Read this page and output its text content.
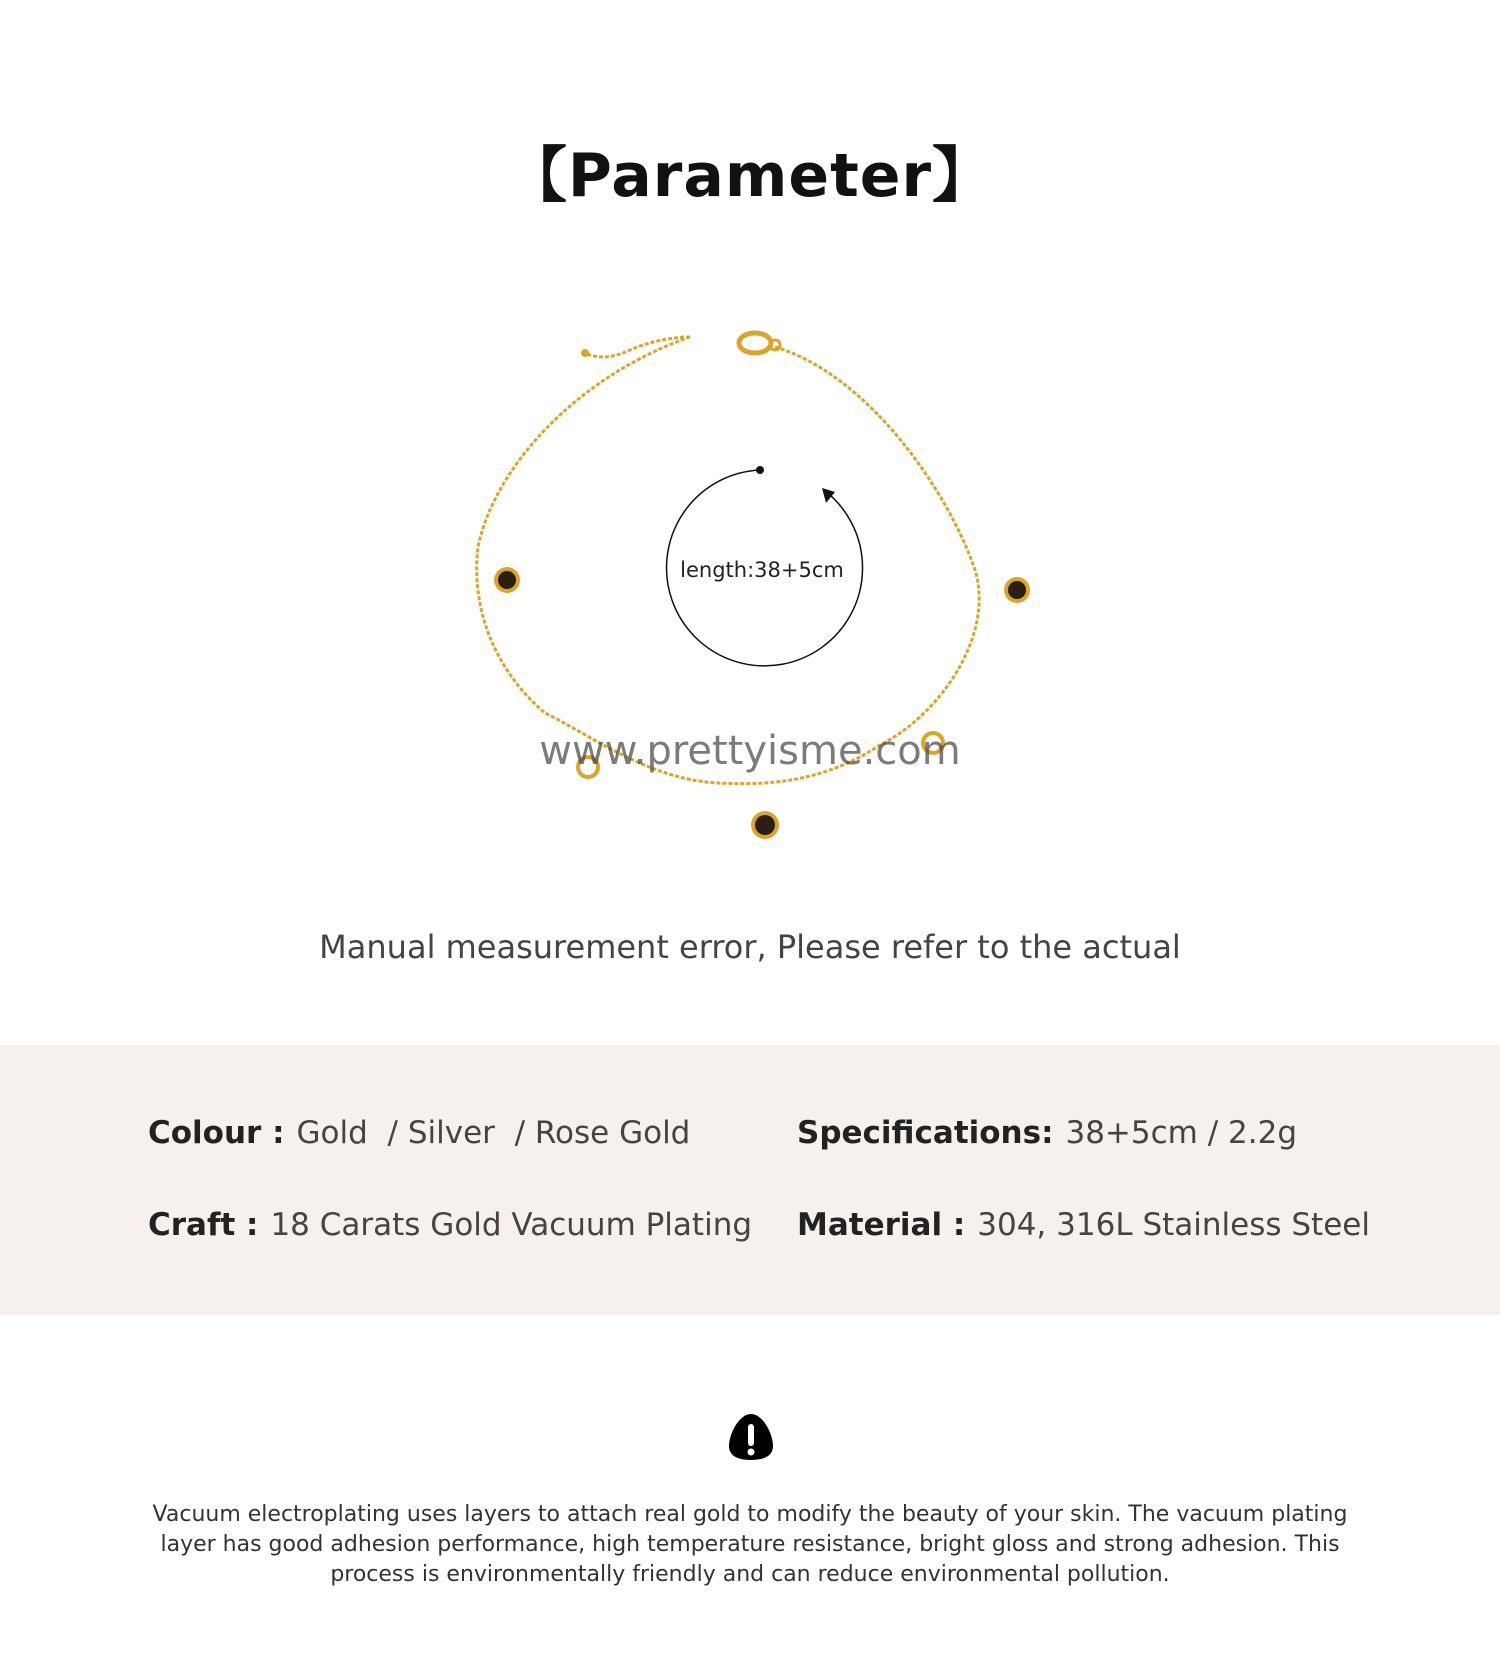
【Parameter】
length:38+5cm
www.prettyisme.com
Manual measurement error, Please refer to the actual
Colour : Gold  / Silver  / Rose Gold	Specifications: 38+5cm / 2.2g
Craft : 18 Carats Gold Vacuum Plating Material : 304, 316L Stainless Steel
Vacuum electroplating uses layers to attach real gold to modify the beauty of your skin. The vacuum plating layer has good adhesion performance, high temperature resistance, bright gloss and strong adhesion. This process is environmentally friendly and can reduce environmental pollution.
